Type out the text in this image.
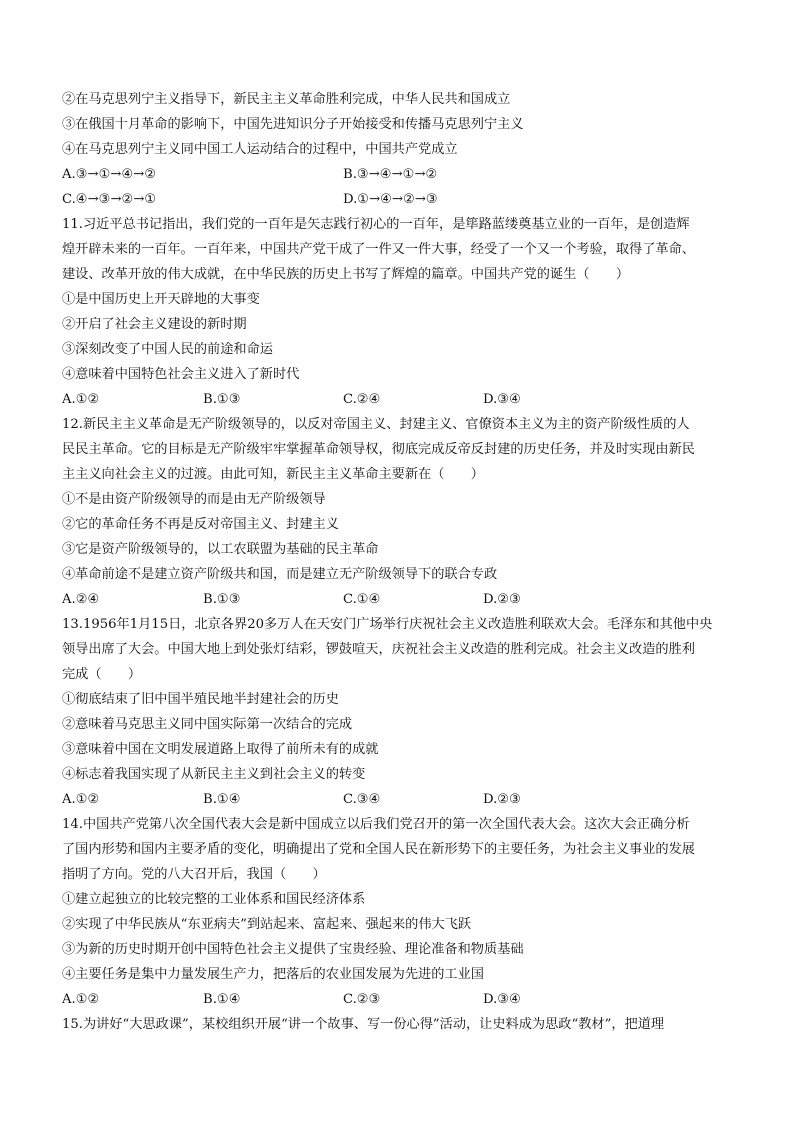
②在马克思列宁主义指导下，新民主主义革命胜利完成，中华人民共和国成立
③在俄国十月革命的影响下，中国先进知识分子开始接受和传播马克思列宁主义
④在马克思列宁主义同中国工人运动结合的过程中，中国共产党成立
A.③→①→④→②	B.③→④→①→②
C.④→③→②→①	D.①→④→②→③
11.习近平总书记指出，我们党的一百年是矢志践行初心的一百年，是筚路蓝缕奠基立业的一百年，是创造辉
煌开辟未来的一百年。一百年来，中国共产党干成了一件又一件大事，经受了一个又一个考验，取得了革命、
建设、改革开放的伟大成就，在中华民族的历史上书写了辉煌的篇章。中国共产党的诞生（　　）
①是中国历史上开天辟地的大事变
②开启了社会主义建设的新时期
③深刻改变了中国人民的前途和命运
④意味着中国特色社会主义进入了新时代
A.①②	B.①③	C.②④	D.③④
12.新民主主义革命是无产阶级领导的，以反对帝国主义、封建主义、官僚资本主义为主的资产阶级性质的人
民民主革命。它的目标是无产阶级牢牢掌握革命领导权，彻底完成反帝反封建的历史任务，并及时实现由新民
主主义向社会主义的过渡。由此可知，新民主主义革命主要新在（　　）
①不是由资产阶级领导的而是由无产阶级领导
②它的革命任务不再是反对帝国主义、封建主义
③它是资产阶级领导的，以工农联盟为基础的民主革命
④革命前途不是建立资产阶级共和国，而是建立无产阶级领导下的联合专政
A.②④	B.①③	C.①④	D.②③
13.1956年1月15日，北京各界20多万人在天安门广场举行庆祝社会主义改造胜利联欢大会。毛泽东和其他中央
领导出席了大会。中国大地上到处张灯结彩，锣鼓喧天，庆祝社会主义改造的胜利完成。社会主义改造的胜利
完成（　　）
①彻底结束了旧中国半殖民地半封建社会的历史
②意味着马克思主义同中国实际第一次结合的完成
③意味着中国在文明发展道路上取得了前所未有的成就
④标志着我国实现了从新民主主义到社会主义的转变
A.①②	B.①④	C.③④	D.②③
14.中国共产党第八次全国代表大会是新中国成立以后我们党召开的第一次全国代表大会。这次大会正确分析
了国内形势和国内主要矛盾的变化，明确提出了党和全国人民在新形势下的主要任务，为社会主义事业的发展
指明了方向。党的八大召开后，我国（　　）
①建立起独立的比较完整的工业体系和国民经济体系
②实现了中华民族从“东亚病夫”到站起来、富起来、强起来的伟大飞跃
③为新的历史时期开创中国特色社会主义提供了宝贵经验、理论准备和物质基础
④主要任务是集中力量发展生产力，把落后的农业国发展为先进的工业国
A.①②	B.①④	C.②③	D.③④
15.为讲好“大思政课”，某校组织开展“讲一个故事、写一份心得”活动，让史料成为思政“教材”，把道理
